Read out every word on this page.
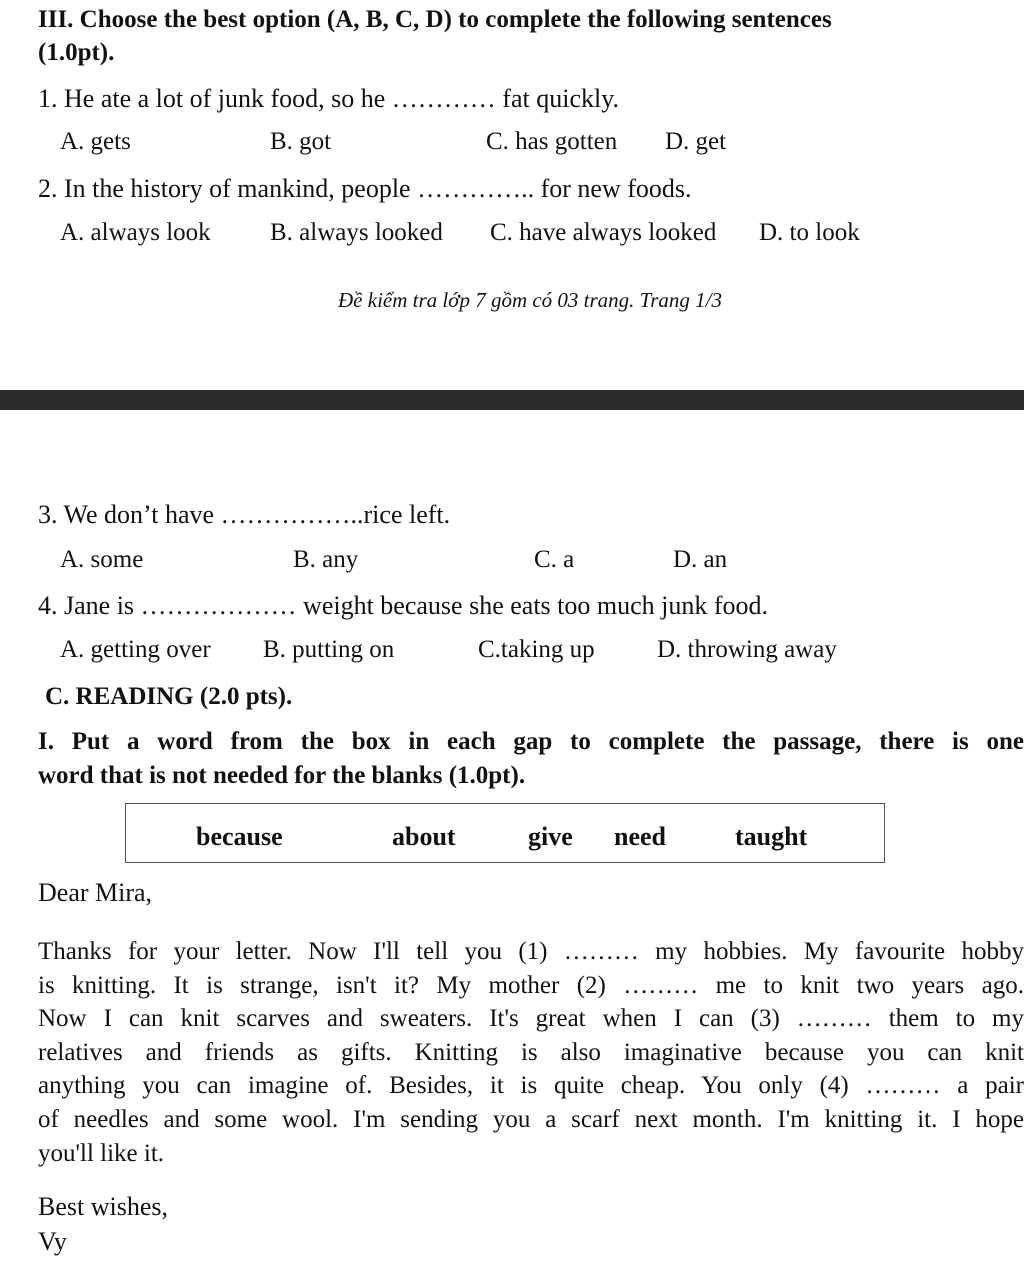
III. Choose the best option (A, B, C, D) to complete the following sentences
(1.0pt).
1. He ate a lot of junk food, so he ………… fat quickly.
A. gets	B. got	C. has gotten D. get
2. In the history of mankind, people ………….. for new foods.
A. always look B. always looked C. have always looked D. to look
Đề kiểm tra lớp 7 gồm có 03 trang. Trang 1/3
3. We don’t have ……………..rice left.
A. some	B. any	C. a	D. an
4. Jane is ……………… weight because she eats too much junk food.
A. getting over B. putting on	C.taking up D. throwing away
C. READING (2.0 pts).
I. Put a word from the box in each gap to complete the passage, there is one
word that is not needed for the blanks (1.0pt).
because	about	give need	taught
Dear Mira,
Thanks for your letter. Now I'll tell you (1) ……… my hobbies. My favourite hobby
is knitting. It is strange, isn't it? My mother (2) ……… me to knit two years ago.
Now I can knit scarves and sweaters. It's great when I can (3) ……… them to my
relatives and friends as gifts. Knitting is also imaginative because you can knit
anything you can imagine of. Besides, it is quite cheap. You only (4) ……… a pair
of needles and some wool. I'm sending you a scarf next month. I'm knitting it. I hope
you'll like it.
Best wishes,
Vy
